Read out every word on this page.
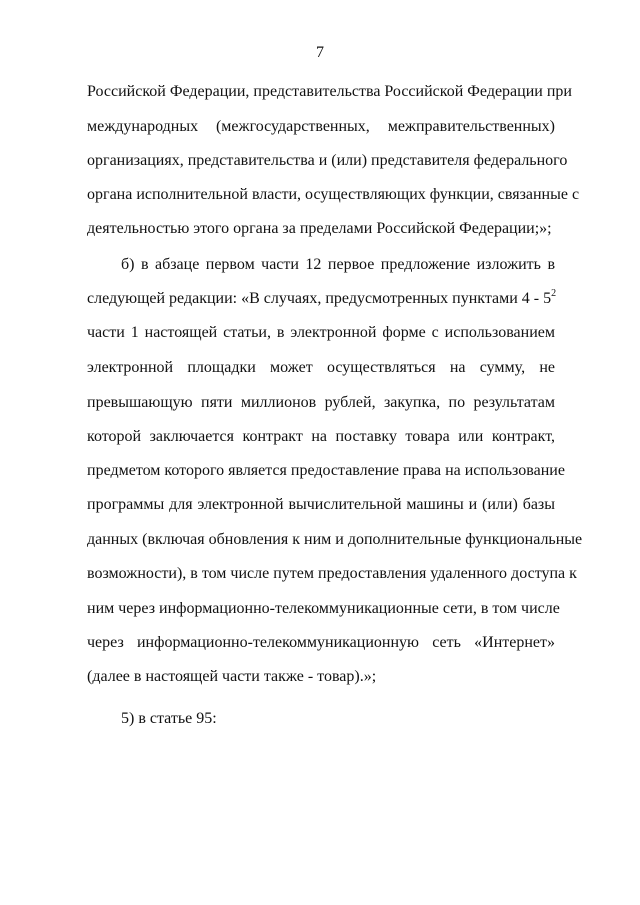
7
Российской Федерации, представительства Российской Федерации при
международных (межгосударственных, межправительственных)
организациях, представительства и (или) представителя федерального
органа исполнительной власти, осуществляющих функции, связанные с
деятельностью этого органа за пределами Российской Федерации;»;
б) в абзаце первом части 12 первое предложение изложить в
следующей редакции: «В случаях, предусмотренных пунктами $4 - 5^2$
части 1 настоящей статьи, в электронной форме с использованием
электронной площадки может осуществляться на сумму, не
превышающую пяти миллионов рублей, закупка, по результатам
которой заключается контракт на поставку товара или контракт,
предметом которого является предоставление права на использование
программы для электронной вычислительной машины и (или) базы
данных (включая обновления к ним и дополнительные функциональные
возможности), в том числе путем предоставления удаленного доступа к
ним через информационно-телекоммуникационные сети, в том числе
через информационно-телекоммуникационную сеть «Интернет»
(далее в настоящей части также - товар).»;
5) в статье 95:
